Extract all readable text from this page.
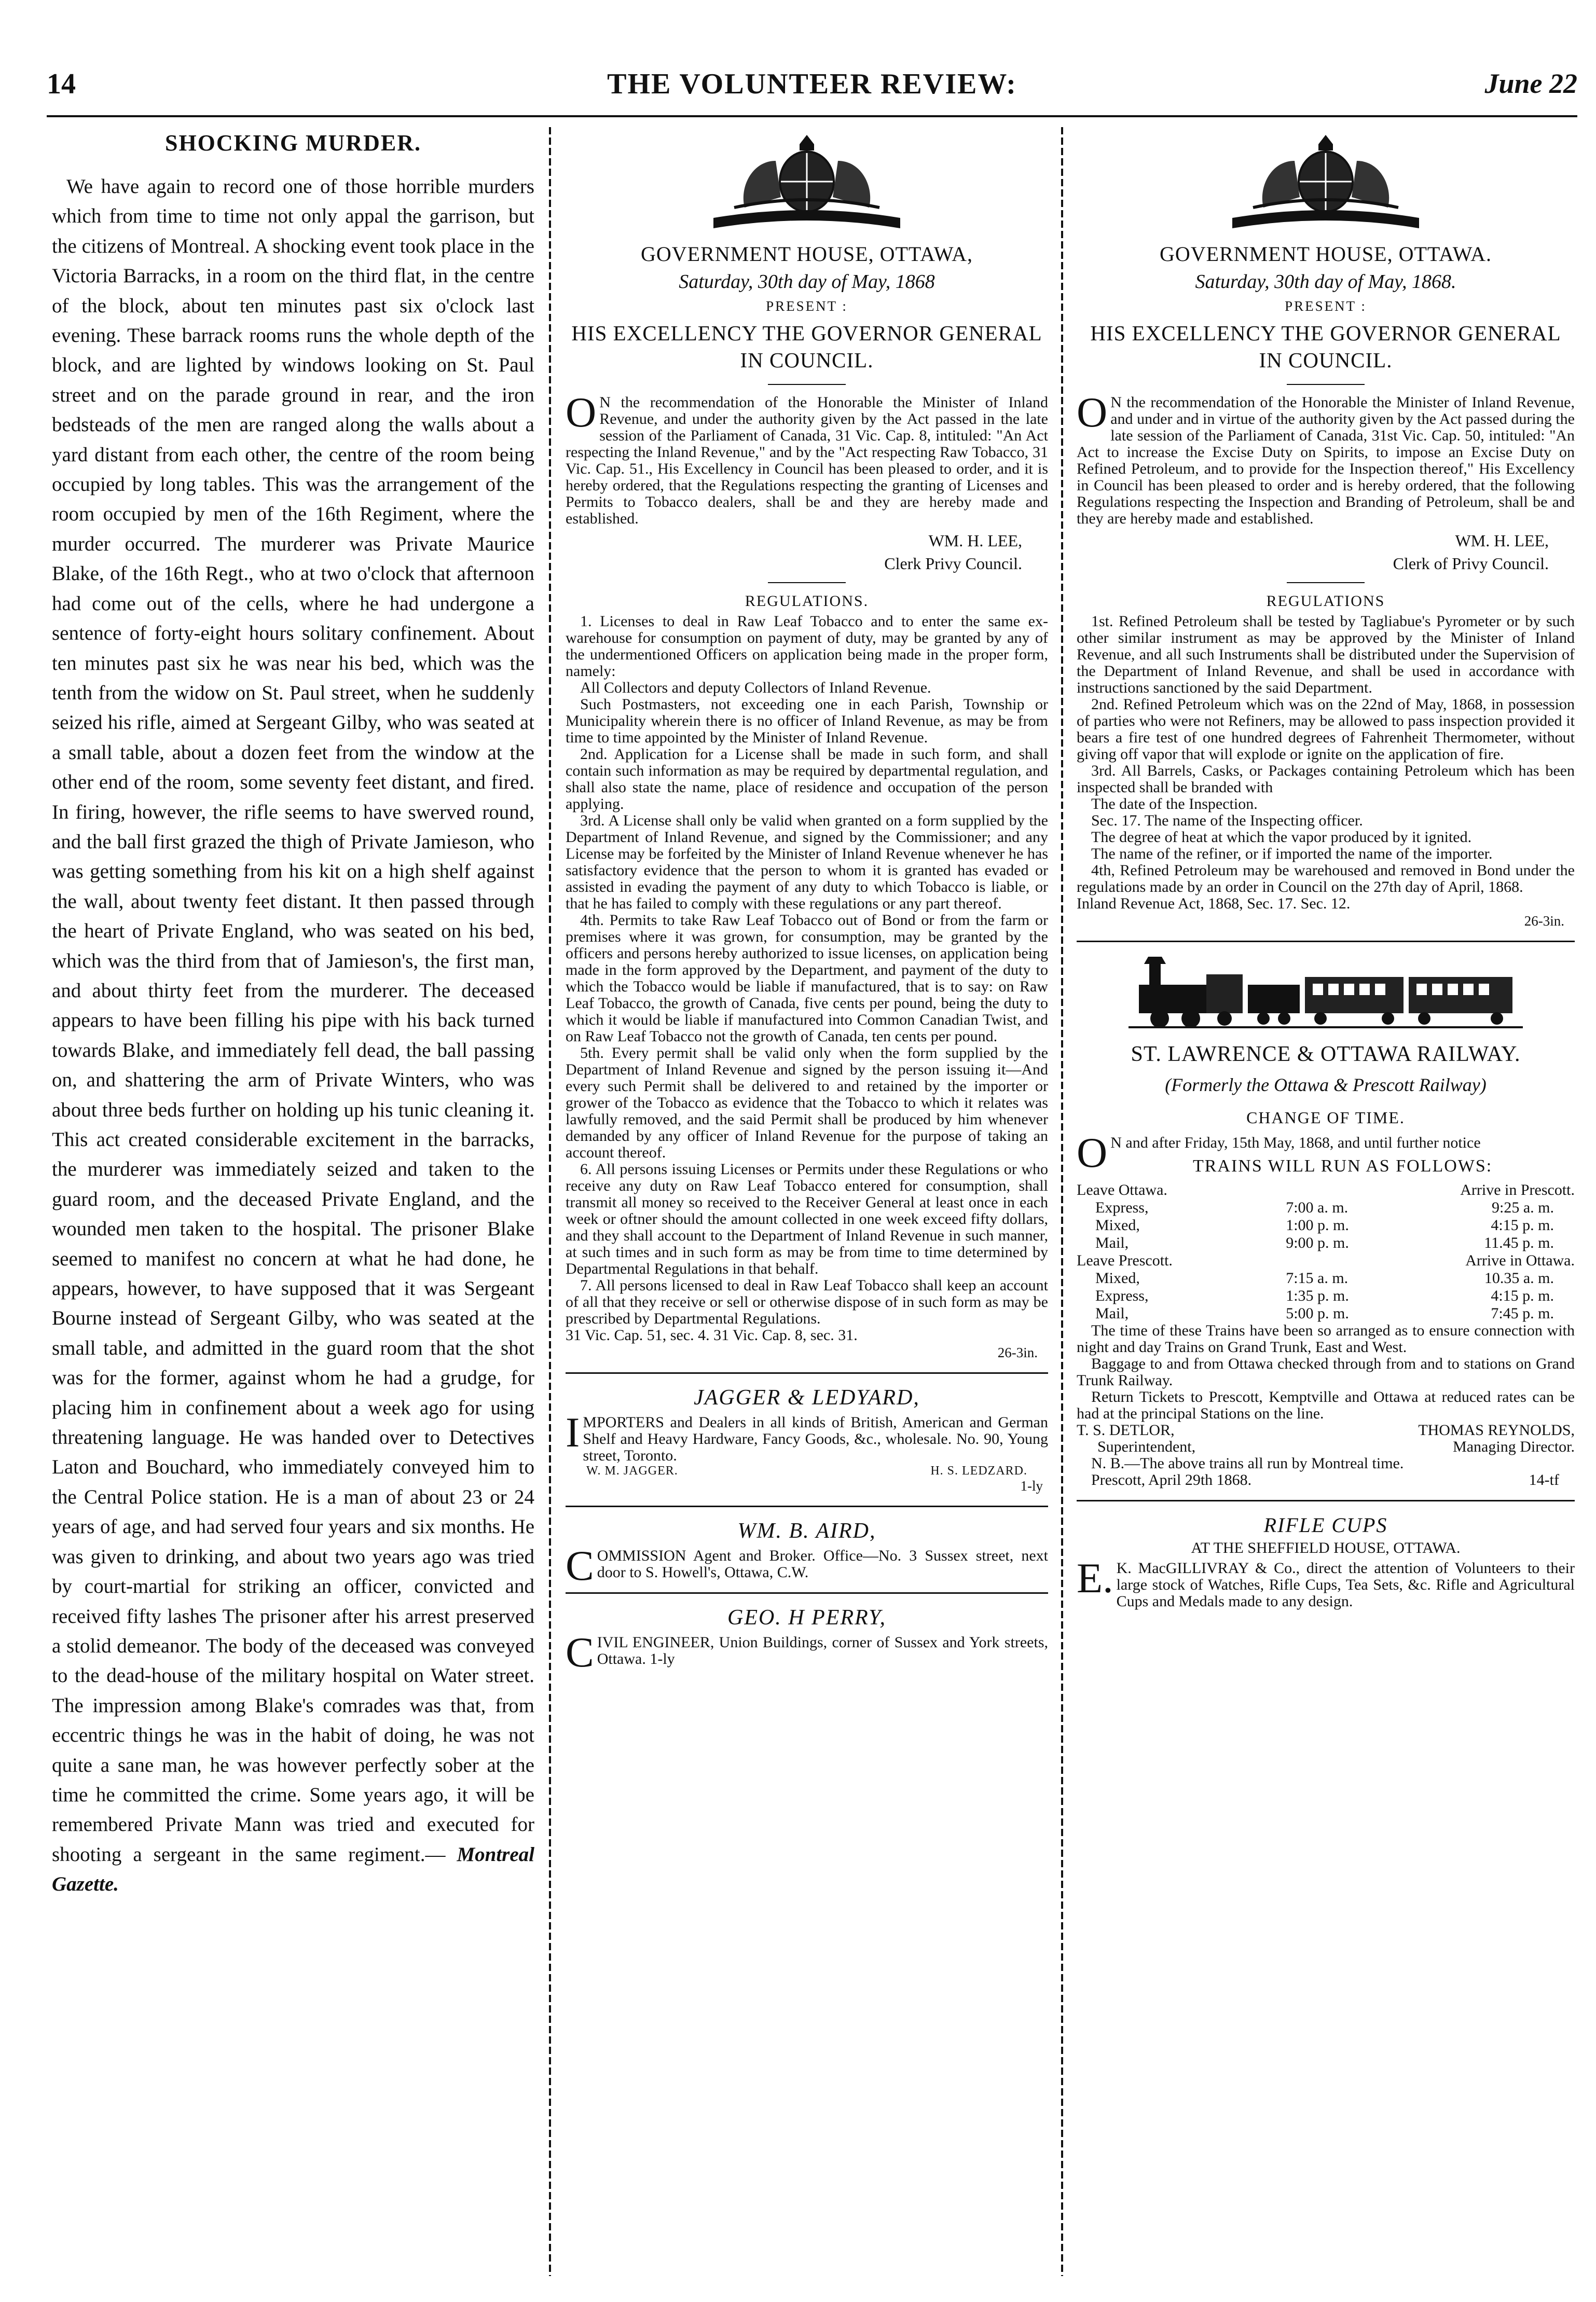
14	THE VOLUNTEER REVIEW:	June 22
SHOCKING MURDER.

We have again to record one of those horrible murders which from time to time not only appal the garrison, but the citizens of Montreal. A shocking event took place in the Victoria Barracks, in a room on the third flat, in the centre of the block, about ten minutes past six o'clock last evening. These barrack rooms runs the whole depth of the block, and are lighted by windows looking on St. Paul street and on the parade ground in rear, and the iron bedsteads of the men are ranged along the walls about a yard distant from each other, the centre of the room being occupied by long tables. This was the arrangement of the room occupied by men of the 16th Regiment, where the murder occurred. The murderer was Private Maurice Blake, of the 16th Regt., who at two o'clock that afternoon had come out of the cells, where he had undergone a sentence of forty-eight hours solitary confinement. About ten minutes past six he was near his bed, which was the tenth from the widow on St. Paul street, when he suddenly seized his rifle, aimed at Sergeant Gilby, who was seated at a small table, about a dozen feet from the window at the other end of the room, some seventy feet distant, and fired. In firing, however, the rifle seems to have swerved round, and the ball first grazed the thigh of Private Jamieson, who was getting something from his kit on a high shelf against the wall, about twenty feet distant. It then passed through the heart of Private England, who was seated on his bed, which was the third from that of Jamieson's, the first man, and about thirty feet from the murderer. The deceased appears to have been filling his pipe with his back turned towards Blake, and immediately fell dead, the ball passing on, and shattering the arm of Private Winters, who was about three beds further on holding up his tunic cleaning it. This act created considerable excitement in the barracks, the murderer was immediately seized and taken to the guard room, and the deceased Private England, and the wounded men taken to the hospital. The prisoner Blake seemed to manifest no concern at what he had done, he appears, however, to have supposed that it was Sergeant Bourne instead of Sergeant Gilby, who was seated at the small table, and admitted in the guard room that the shot was for the former, against whom he had a grudge, for placing him in confinement about a week ago for using threatening language. He was handed over to Detectives Laton and Bouchard, who immediately conveyed him to the Central Police station. He is a man of about 23 or 24 years of age, and had served four years and six months. He was given to drinking, and about two years ago was tried by court-martial for striking an officer, convicted and received fifty lashes The prisoner after his arrest preserved a stolid demeanor. The body of the deceased was conveyed to the dead-house of the military hospital on Water street. The impression among Blake's comrades was that, from eccentric things he was in the habit of doing, he was not quite a sane man, he was however perfectly sober at the time he committed the crime. Some years ago, it will be remembered Private Mann was tried and executed for shooting a sergeant in the same regiment.— Montreal Gazette.

GOVERNMENT HOUSE, OTTAWA,
Saturday, 30th day of May, 1868
PRESENT :
HIS EXCELLENCY THE GOVERNOR GENERAL IN COUNCIL.

O N the recommendation of the Honorable the Minister of Inland Revenue, and under the authority given by the Act passed in the late session of the Parliament of Canada, 31 Vic. Cap. 8, intituled: "An Act respecting the Inland Revenue," and by the "Act respecting Raw Tobacco, 31 Vic. Cap. 51., His Excellency in Council has been pleased to order, and it is hereby ordered, that the Regulations respecting the granting of Licenses and Permits to Tobacco dealers, shall be and they are hereby made and established.

WM. H. LEE,
Clerk Privy Council.
REGULATIONS.

1. Licenses to deal in Raw Leaf Tobacco and to enter the same ex-warehouse for consumption on payment of duty, may be granted by any of the undermentioned Officers on application being made in the proper form, namely:

All Collectors and deputy Collectors of Inland Revenue.

Such Postmasters, not exceeding one in each Parish, Township or Municipality wherein there is no officer of Inland Revenue, as may be from time to time appointed by the Minister of Inland Revenue.

2nd. Application for a License shall be made in such form, and shall contain such information as may be required by departmental regulation, and shall also state the name, place of residence and occupation of the person applying.

3rd. A License shall only be valid when granted on a form supplied by the Department of Inland Revenue, and signed by the Commissioner; and any License may be forfeited by the Minister of Inland Revenue whenever he has satisfactory evidence that the person to whom it is granted has evaded or assisted in evading the payment of any duty to which Tobacco is liable, or that he has failed to comply with these regulations or any part thereof.

4th. Permits to take Raw Leaf Tobacco out of Bond or from the farm or premises where it was grown, for consumption, may be granted by the officers and persons hereby authorized to issue licenses, on application being made in the form approved by the Department, and payment of the duty to which the Tobacco would be liable if manufactured, that is to say: on Raw Leaf Tobacco, the growth of Canada, five cents per pound, being the duty to which it would be liable if manufactured into Common Canadian Twist, and on Raw Leaf Tobacco not the growth of Canada, ten cents per pound.

5th. Every permit shall be valid only when the form supplied by the Department of Inland Revenue and signed by the person issuing it—And every such Permit shall be delivered to and retained by the importer or grower of the Tobacco as evidence that the Tobacco to which it relates was lawfully removed, and the said Permit shall be produced by him whenever demanded by any officer of Inland Revenue for the purpose of taking an account thereof.

6. All persons issuing Licenses or Permits under these Regulations or who receive any duty on Raw Leaf Tobacco entered for consumption, shall transmit all money so received to the Receiver General at least once in each week or oftner should the amount collected in one week exceed fifty dollars, and they shall account to the Department of Inland Revenue in such manner, at such times and in such form as may be from time to time determined by Departmental Regulations in that behalf.

7. All persons licensed to deal in Raw Leaf Tobacco shall keep an account of all that they receive or sell or otherwise dispose of in such form as may be prescribed by Departmental Regulations.

31 Vic. Cap. 51, sec. 4. 31 Vic. Cap. 8, sec. 31.

26-3in.
JAGGER & LEDYARD,

IMPORTERS and Dealers in all kinds of British, American and German Shelf and Heavy Hardware, Fancy Goods, &c., wholesale. No. 90, Young street, Toronto.

W. M. JAGGER.	H. S. LEDZARD.
1-ly
WM. B. AIRD,

COMMISSION Agent and Broker. Office—No. 3 Sussex street, next door to S. Howell's, Ottawa, C.W.

GEO. H PERRY,

CIVIL ENGINEER, Union Buildings, corner of Sussex and York streets, Ottawa. 1-ly

GOVERNMENT HOUSE, OTTAWA.
Saturday, 30th day of May, 1868.
PRESENT :
HIS EXCELLENCY THE GOVERNOR GENERAL IN COUNCIL.

O N the recommendation of the Honorable the Minister of Inland Revenue, and under and in virtue of the authority given by the Act passed during the late session of the Parliament of Canada, 31st Vic. Cap. 50, intituled: "An Act to increase the Excise Duty on Spirits, to impose an Excise Duty on Refined Petroleum, and to provide for the Inspection thereof," His Excellency in Council has been pleased to order and is hereby ordered, that the following Regulations respecting the Inspection and Branding of Petroleum, shall be and they are hereby made and established.

WM. H. LEE,
Clerk of Privy Council.
REGULATIONS

1st. Refined Petroleum shall be tested by Tagliabue's Pyrometer or by such other similar instrument as may be approved by the Minister of Inland Revenue, and all such Instruments shall be distributed under the Supervision of the Department of Inland Revenue, and shall be used in accordance with instructions sanctioned by the said Department.

2nd. Refined Petroleum which was on the 22nd of May, 1868, in possession of parties who were not Refiners, may be allowed to pass inspection provided it bears a fire test of one hundred degrees of Fahrenheit Thermometer, without giving off vapor that will explode or ignite on the application of fire.

3rd. All Barrels, Casks, or Packages containing Petroleum which has been inspected shall be branded with

The date of the Inspection.

Sec. 17. The name of the Inspecting officer.

The degree of heat at which the vapor produced by it ignited.

The name of the refiner, or if imported the name of the importer.

4th, Refined Petroleum may be warehoused and removed in Bond under the regulations made by an order in Council on the 27th day of April, 1868.

Inland Revenue Act, 1868, Sec. 17. Sec. 12.

26-3in.
ST. LAWRENCE & OTTAWA RAILWAY.
(Formerly the Ottawa & Prescott Railway)
CHANGE OF TIME.

O N and after Friday, 15th May, 1868, and until further notice

TRAINS WILL RUN AS FOLLOWS:
Leave Ottawa.		Arrive in Prescott.
Express,	7:00 a. m.	9:25 a. m.
Mixed,	1:00 p. m.	4:15 p. m.
Mail,	9:00 p. m.	11.45 p. m.
Leave Prescott.		Arrive in Ottawa.
Mixed,	7:15 a. m.	10.35 a. m.
Express,	1:35 p. m.	4:15 p. m.
Mail,	5:00 p. m.	7:45 p. m.

The time of these Trains have been so arranged as to ensure connection with night and day Trains on Grand Trunk, East and West.

Baggage to and from Ottawa checked through from and to stations on Grand Trunk Railway.

Return Tickets to Prescott, Kemptville and Ottawa at reduced rates can be had at the principal Stations on the line.

T. S. DETLOR,
Superintendent,
THOMAS REYNOLDS,
Managing Director.

N. B.—The above trains all run by Montreal time.

Prescott, April 29th 1868.	14-tf
RIFLE CUPS
AT THE SHEFFIELD HOUSE, OTTAWA.

E. K. MacGILLIVRAY & Co., direct the attention of Volunteers to their large stock of Watches, Rifle Cups, Tea Sets, &c. Rifle and Agricultural Cups and Medals made to any design.
